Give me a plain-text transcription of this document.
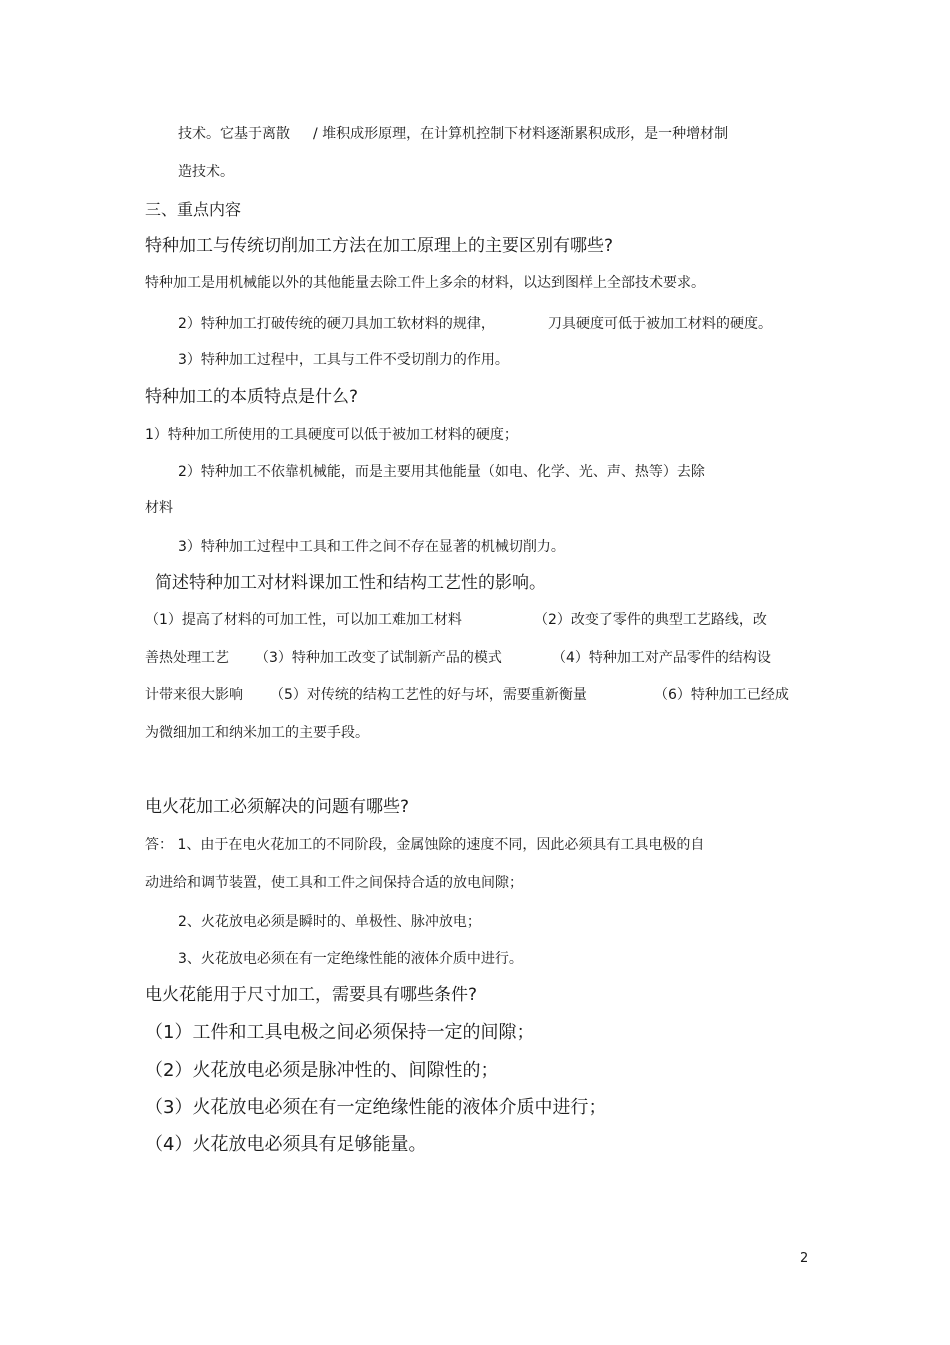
技术。它基于离散 / 堆积成形原理，在计算机控制下材料逐渐累积成形，是一种增材制
造技术。
三、重点内容
特种加工与传统切削加工方法在加工原理上的主要区别有哪些?
特种加工是用机械能以外的其他能量去除工件上多余的材料，以达到图样上全部技术要求。
2）特种加工打破传统的硬刀具加工软材料的规律，	刀具硬度可低于被加工材料的硬度。
3）特种加工过程中，工具与工件不受切削力的作用。
特种加工的本质特点是什么?
1）特种加工所使用的工具硬度可以低于被加工材料的硬度；
2）特种加工不依靠机械能，而是主要用其他能量（如电、化学、光、声、热等）去除
材料
3）特种加工过程中工具和工件之间不存在显著的机械切削力。
简述特种加工对材料课加工性和结构工艺性的影响。
（1）提高了材料的可加工性，可以加工难加工材料	（2）改变了零件的典型工艺路线，改
善热处理工艺 （3）特种加工改变了试制新产品的模式	（4）特种加工对产品零件的结构设
计带来很大影响 （5）对传统的结构工艺性的好与坏，需要重新衡量	（6）特种加工已经成
为微细加工和纳米加工的主要手段。
电火花加工必须解决的问题有哪些?
答： 1、由于在电火花加工的不同阶段，金属蚀除的速度不同，因此必须具有工具电极的自
动进给和调节装置，使工具和工件之间保持合适的放电间隙；
2、火花放电必须是瞬时的、单极性、脉冲放电；
3、火花放电必须在有一定绝缘性能的液体介质中进行。
电火花能用于尺寸加工，需要具有哪些条件?
（1）工件和工具电极之间必须保持一定的间隙；
（2）火花放电必须是脉冲性的、间隙性的；
（3）火花放电必须在有一定绝缘性能的液体介质中进行；
（4）火花放电必须具有足够能量。
2
